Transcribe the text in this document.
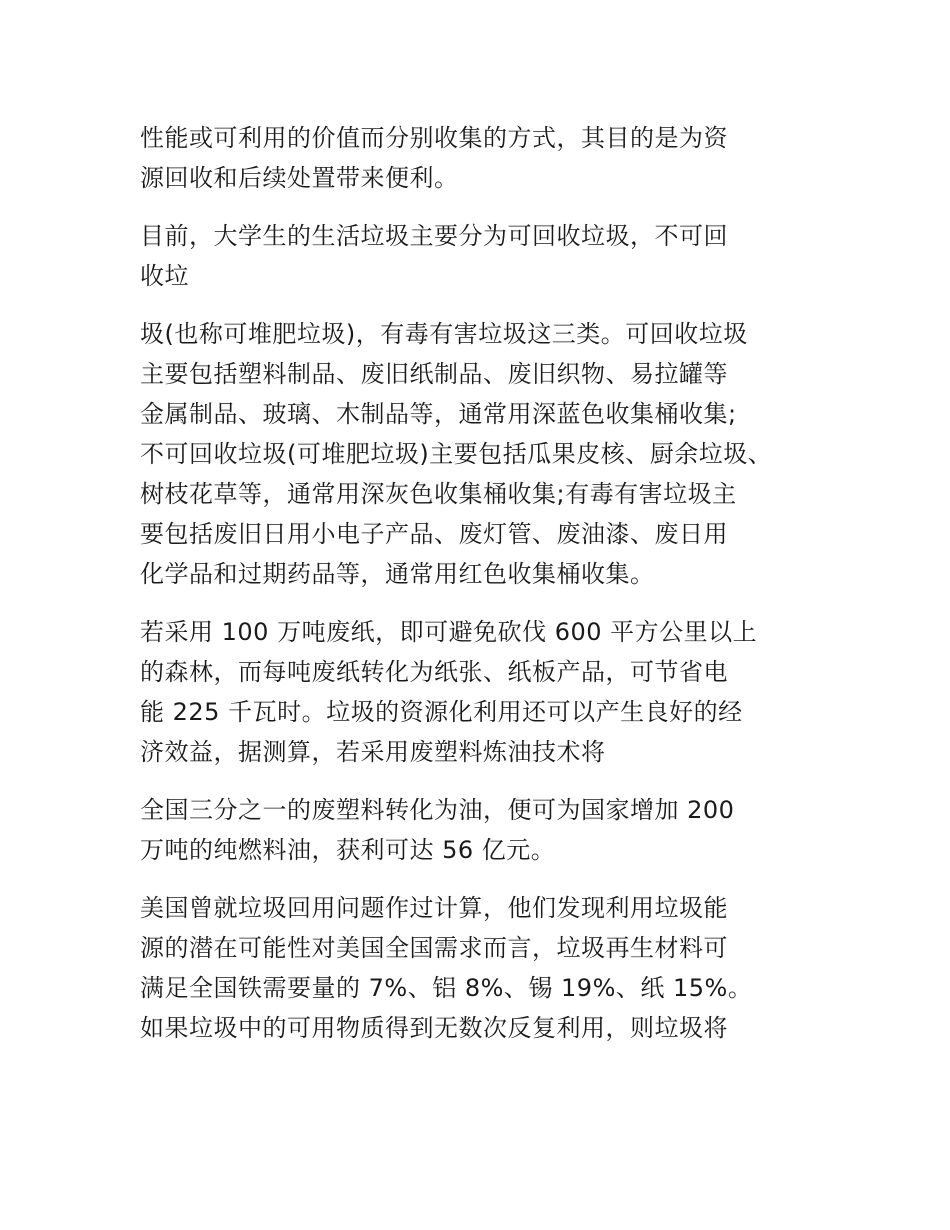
性能或可利用的价值而分别收集的方式，其目的是为资
源回收和后续处置带来便利。

目前，大学生的生活垃圾主要分为可回收垃圾，不可回
收垃

圾(也称可堆肥垃圾)，有毒有害垃圾这三类。可回收垃圾
主要包括塑料制品、废旧纸制品、废旧织物、易拉罐等
金属制品、玻璃、木制品等，通常用深蓝色收集桶收集;
不可回收垃圾(可堆肥垃圾)主要包括瓜果皮核、厨余垃圾、
树枝花草等，通常用深灰色收集桶收集;有毒有害垃圾主
要包括废旧日用小电子产品、废灯管、废油漆、废日用
化学品和过期药品等，通常用红色收集桶收集。

若采用 100 万吨废纸，即可避免砍伐 600 平方公里以上
的森林，而每吨废纸转化为纸张、纸板产品，可节省电
能 225 千瓦时。垃圾的资源化利用还可以产生良好的经
济效益，据测算，若采用废塑料炼油技术将

全国三分之一的废塑料转化为油，便可为国家增加 200
万吨的纯燃料油，获利可达 56 亿元。

美国曾就垃圾回用问题作过计算，他们发现利用垃圾能
源的潜在可能性对美国全国需求而言，垃圾再生材料可
满足全国铁需要量的 7%、铝 8%、锡 19%、纸 15%。
如果垃圾中的可用物质得到无数次反复利用，则垃圾将
